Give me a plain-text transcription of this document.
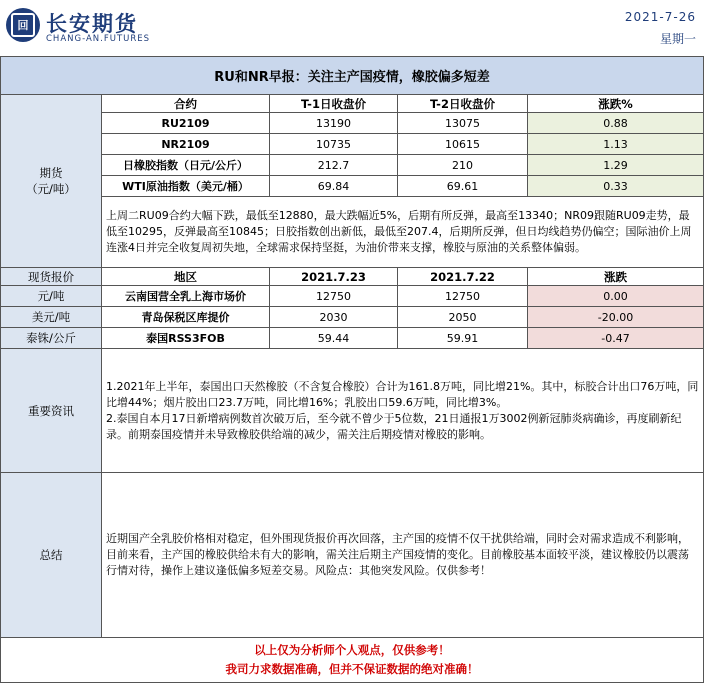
回 长安期货
CHANG-AN.FUTURES
2021-7-26
星期一
RU和NR早报：关注主产国疫情，橡胶偏多短差				
期货
（元/吨）	合约	T-1日收盘价	T-2日收盘价	涨跌%
	RU2109	13190	13075	0.88
	NR2109	10735	10615	1.13
	日橡胶指数（日元/公斤）	212.7	210	1.29
	WTI原油指数（美元/桶）	69.84	69.61	0.33
	上周二RU09合约大幅下跌，最低至12880，最大跌幅近5%，后期有所反弹，最高至13340；NR09跟随RU09走势，最低至10295，反弹最高至10845；日胶指数创出新低，最低至207.4，后期所反弹，但日均线趋势仍偏空；国际油价上周连涨4日并完全收复周初失地，全球需求保持坚挺，为油价带来支撑，橡胶与原油的关系整体偏弱。			
现货报价	地区	2021.7.23	2021.7.22	涨跌
元/吨	云南国营全乳上海市场价	12750	12750	0.00
美元/吨	青岛保税区库提价	2030	2050	-20.00
泰铢/公斤	泰国RSS3FOB	59.44	59.91	-0.47
重要资讯	1.2021年上半年，泰国出口天然橡胶（不含复合橡胶）合计为161.8万吨，同比增21%。其中，标胶合计出口76万吨，同比增44%；烟片胶出口23.7万吨，同比增16%；乳胶出口59.6万吨，同比增3%。
2.泰国自本月17日新增病例数首次破万后，至今就不曾少于5位数，21日通报1万3002例新冠肺炎病确诊，再度刷新纪录。前期泰国疫情并未导致橡胶供给端的减少，需关注后期疫情对橡胶的影响。			

总结	近期国产全乳胶价格相对稳定，但外围现货报价再次回落，主产国的疫情不仅干扰供给端，同时会对需求造成不利影响，目前来看，主产国的橡胶供给未有大的影响，需关注后期主产国疫情的变化。目前橡胶基本面较平淡，建议橡胶仍以震荡行情对待，操作上建议逢低偏多短差交易。风险点：其他突发风险。仅供参考！			

以上仅为分析师个人观点，仅供参考！
我司力求数据准确，但并不保证数据的绝对准确！				
